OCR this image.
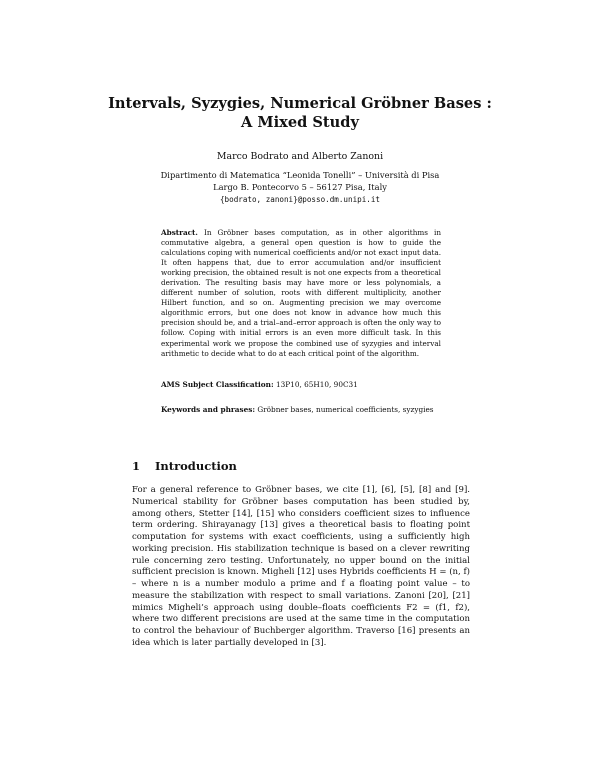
Intervals, Syzygies, Numerical Gröbner Bases :
A Mixed Study
Marco Bodrato and Alberto Zanoni
Dipartimento di Matematica “Leonida Tonelli” – Università di Pisa
Largo B. Pontecorvo 5 – 56127 Pisa, Italy
{bodrato, zanoni}@posso.dm.unipi.it
Abstract. In Gröbner bases computation, as in other algorithms in commutative algebra, a general open question is how to guide the calculations coping with numerical coefficients and/or not exact input data. It often happens that, due to error accumulation and/or insufficient working precision, the obtained result is not one expects from a theoretical derivation. The resulting basis may have more or less polynomials, a different number of solution, roots with different multiplicity, another Hilbert function, and so on. Augmenting precision we may overcome algorithmic errors, but one does not know in advance how much this precision should be, and a trial–and–error approach is often the only way to follow. Coping with initial errors is an even more difficult task. In this experimental work we propose the combined use of syzygies and interval arithmetic to decide what to do at each critical point of the algorithm.
AMS Subject Classification: 13P10, 65H10, 90C31
Keywords and phrases: Gröbner bases, numerical coefficients, syzygies
1 Introduction

For a general reference to Gröbner bases, we cite [1], [6], [5], [8] and [9]. Numerical stability for Gröbner bases computation has been studied by, among others, Stetter [14], [15] who considers coefficient sizes to influence term ordering. Shirayanagy [13] gives a theoretical basis to floating point computation for systems with exact coefficients, using a sufficiently high working precision. His stabilization technique is based on a clever rewriting rule concerning zero testing. Unfortunately, no upper bound on the initial sufficient precision is known. Migheli [12] uses Hybrids coefficients H = (n, f) – where n is a number modulo a prime and f a floating point value – to measure the stabilization with respect to small variations. Zanoni [20], [21] mimics Migheli’s approach using double–floats coefficients F2 = (f1, f2), where two different precisions are used at the same time in the computation to control the behaviour of Buchberger algorithm. Traverso [16] presents an idea which is later partially developed in [3].
